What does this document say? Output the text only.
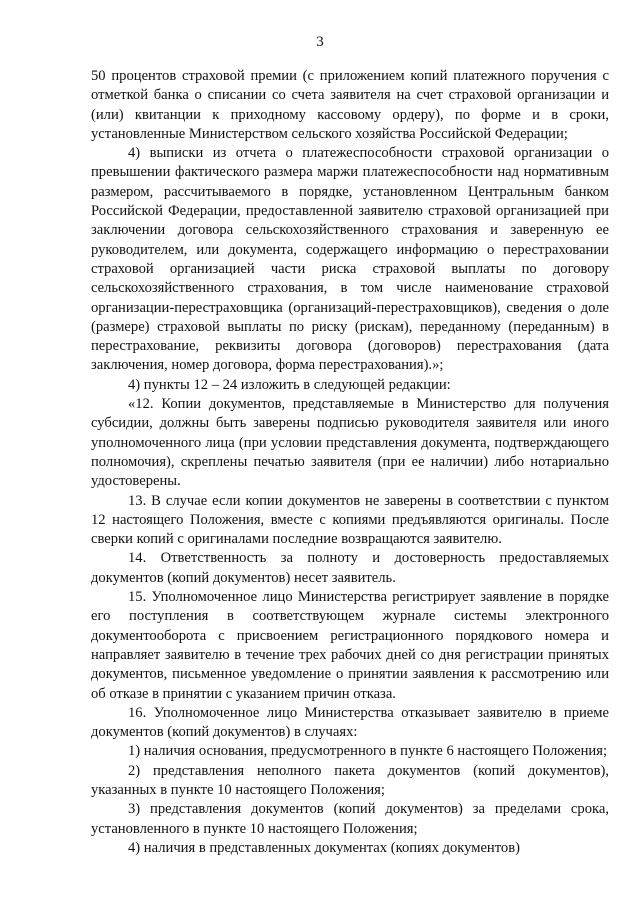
3

50 процентов страховой премии (с приложением копий платежного поручения с отметкой банка о списании со счета заявителя на счет страховой организации и (или) квитанции к приходному кассовому ордеру), по форме и в сроки, установленные Министерством сельского хозяйства Российской Федерации;

4) выписки из отчета о платежеспособности страховой организации о превышении фактического размера маржи платежеспособности над нормативным размером, рассчитываемого в порядке, установленном Центральным банком Российской Федерации, предоставленной заявителю страховой организацией при заключении договора сельскохозяйственного страхования и заверенную ее руководителем, или документа, содержащего информацию о перестраховании страховой организацией части риска страховой выплаты по договору сельскохозяйственного страхования, в том числе наименование страховой организации-перестраховщика (организаций-перестраховщиков), сведения о доле (размере) страховой выплаты по риску (рискам), переданному (переданным) в перестрахование, реквизиты договора (договоров) перестрахования (дата заключения, номер договора, форма перестрахования).»;

4) пункты 12 – 24 изложить в следующей редакции:

«12. Копии документов, представляемые в Министерство для получения субсидии, должны быть заверены подписью руководителя заявителя или иного уполномоченного лица (при условии представления документа, подтверждающего полномочия), скреплены печатью заявителя (при ее наличии) либо нотариально удостоверены.

13. В случае если копии документов не заверены в соответствии с пунктом 12 настоящего Положения, вместе с копиями предъявляются оригиналы. После сверки копий с оригиналами последние возвращаются заявителю.

14. Ответственность за полноту и достоверность предоставляемых документов (копий документов) несет заявитель.

15. Уполномоченное лицо Министерства регистрирует заявление в порядке его поступления в соответствующем журнале системы электронного документооборота с присвоением регистрационного порядкового номера и направляет заявителю в течение трех рабочих дней со дня регистрации принятых документов, письменное уведомление о принятии заявления к рассмотрению или об отказе в принятии с указанием причин отказа.

16. Уполномоченное лицо Министерства отказывает заявителю в приеме документов (копий документов) в случаях:

1) наличия основания, предусмотренного в пункте 6 настоящего Положения;

2) представления неполного пакета документов (копий документов), указанных в пункте 10 настоящего Положения;

3) представления документов (копий документов) за пределами срока, установленного в пункте 10 настоящего Положения;

4) наличия в представленных документах (копиях документов)
